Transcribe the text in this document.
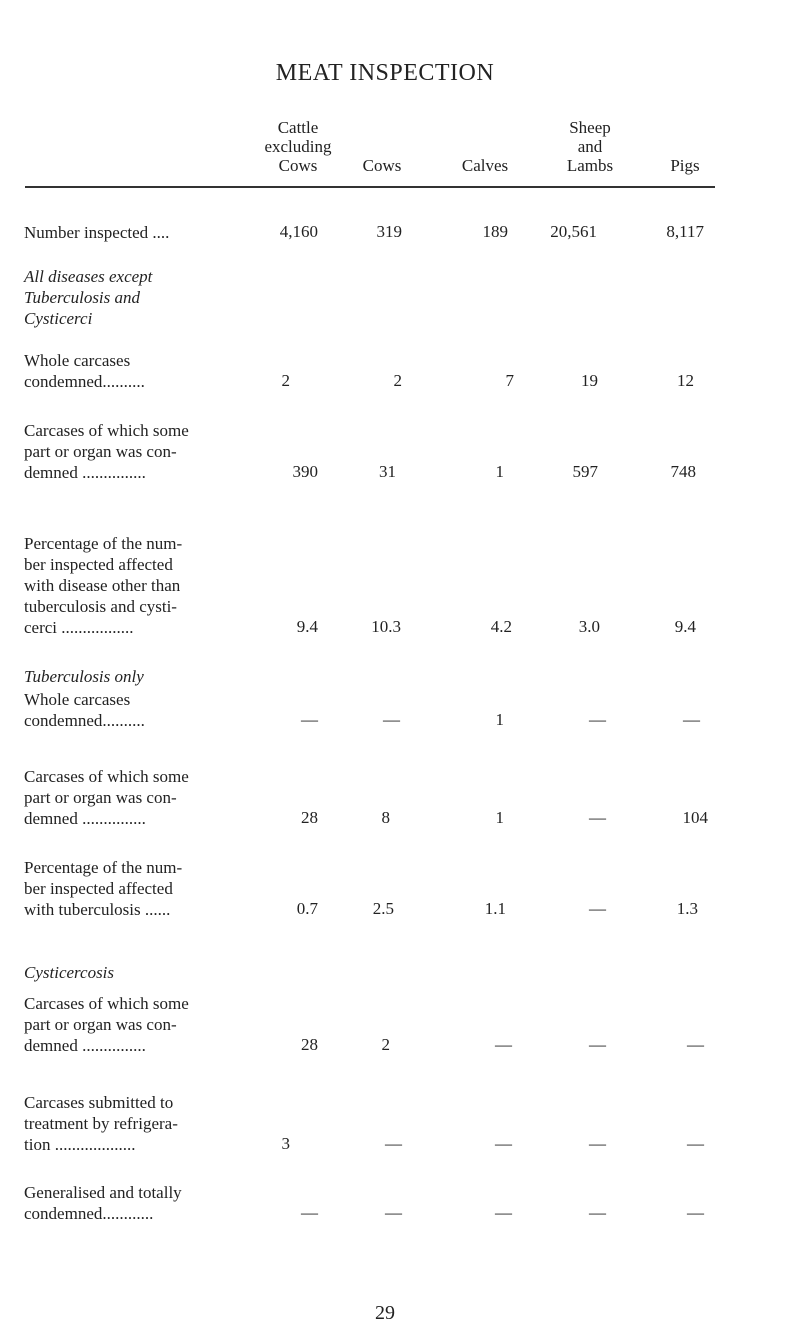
MEAT INSPECTION
Cattle
excluding
Cows	Cows	Calves
Sheep
and
Lambs	Pigs
Number inspected ....	4,160	319	189	20,561	8,117
All diseases except
Tuberculosis and
Cysticerci
Whole carcases
condemned..........	2	2	7	19	12
Carcases of which some
part or organ was con-
demned ...............	390	31	1	597	748
Percentage of the num-
ber inspected affected
with disease other than
tuberculosis and cysti-
cerci .................	9.4	10.3	4.2	3.0	9.4
Tuberculosis only
Whole carcases
condemned..........	—	—	1	—	—
Carcases of which some
part or organ was con-
demned ...............	28	8	1	—	104
Percentage of the num-
ber inspected affected
with tuberculosis ......	0.7	2.5	1.1	—	1.3
Cysticercosis
Carcases of which some
part or organ was con-
demned ...............	28	2	—	—	—
Carcases submitted to
treatment by refrigera-
tion ...................	3	—	—	—	—
Generalised and totally
condemned............	—	—	—	—	—
29
